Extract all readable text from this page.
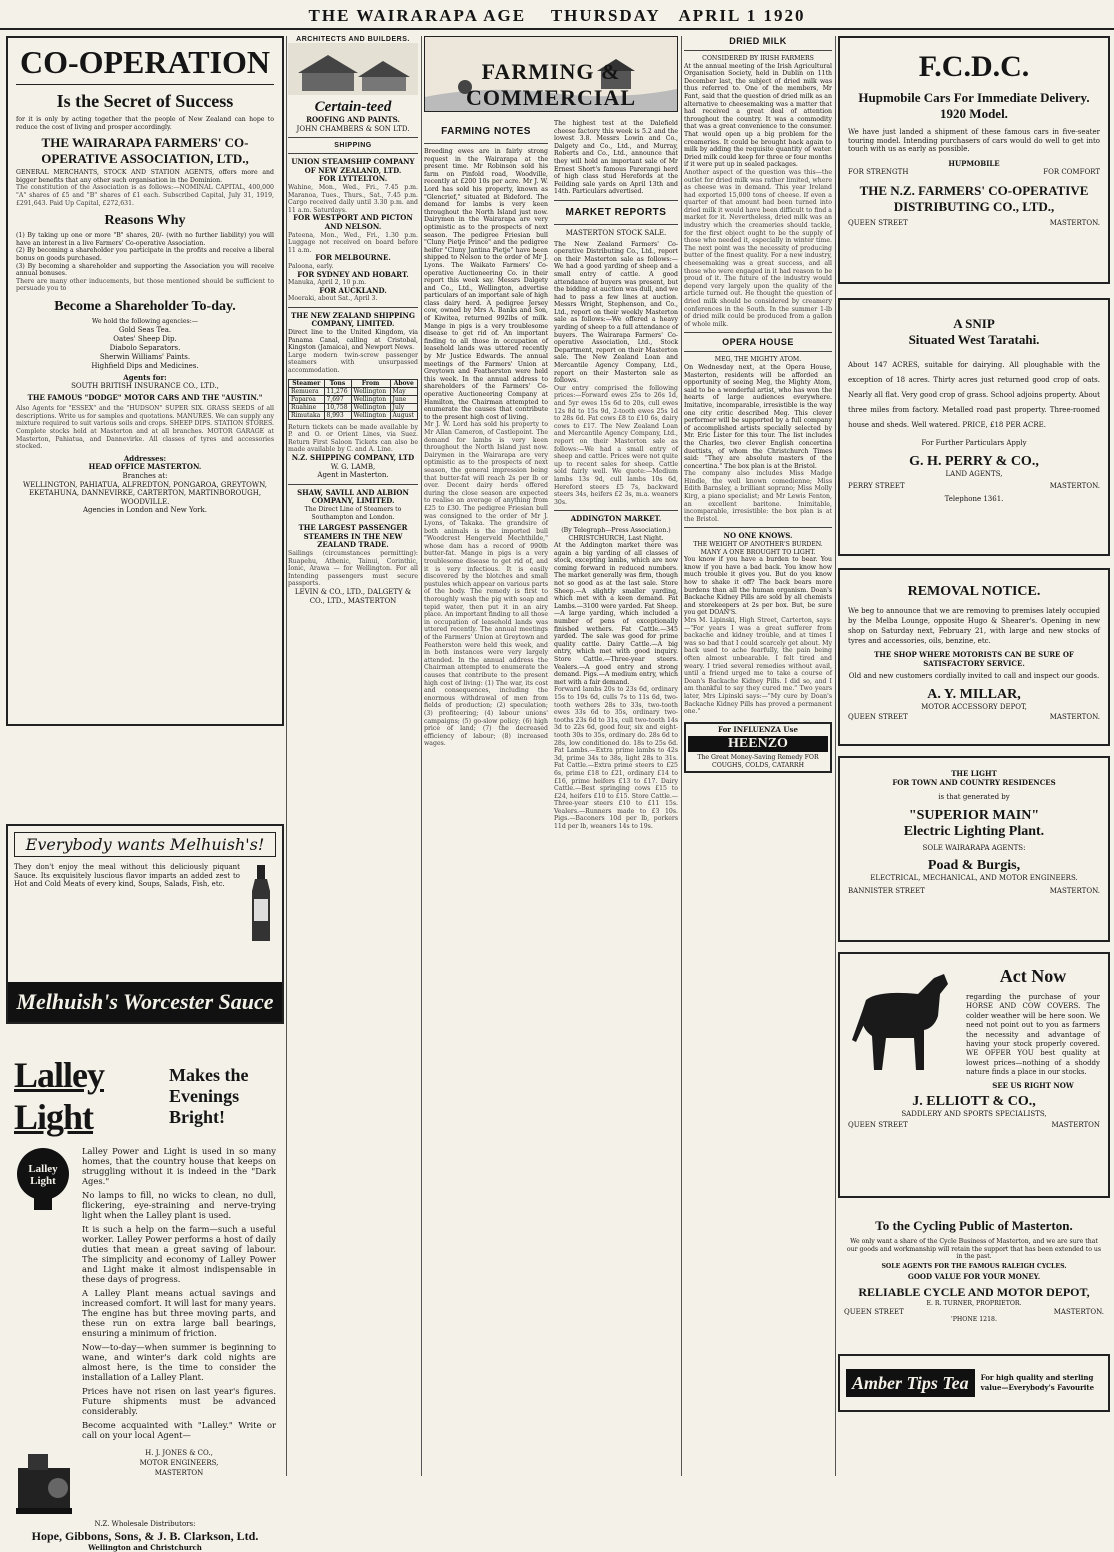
THE WAIRARAPA AGE THURSDAY APRIL 1 1920
CO-OPERATION
Is the Secret of Success
for it is only by acting together that the people of New Zealand can hope to reduce the cost of living and prosper accordingly.
THE WAIRARAPA FARMERS' CO-OPERATIVE ASSOCIATION, LTD.,
GENERAL MERCHANTS, STOCK AND STATION AGENTS, offers more and bigger benefits that any other such organisation in the Dominion.
The constitution of the Association is as follows:—NOMINAL CAPITAL, 400,000 "A" shares of £5 and "B" shares of £1 each. Subscribed Capital, July 31, 1919, £291,643. Paid Up Capital, £272,631.
Reasons Why
(1) By taking up one or more "B" shares, 20/- (with no further liability) you will have an interest in a live Farmers' Co-operative Association.
(2) By becoming a shareholder you participate in the profits and receive a liberal bonus on goods purchased.
(3) By becoming a shareholder and supporting the Association you will receive annual bonuses.
There are many other inducements, but those mentioned should be sufficient to persuade you to
Become a Shareholder To-day.
We hold the following agencies:—
Gold Seas Tea.
Oates' Sheep Dip.
Diabolo Separators.
Sherwin Williams' Paints.
Highfield Dips and Medicines.
Agents for:
SOUTH BRITISH INSURANCE CO., LTD.,
THE FAMOUS "DODGE" MOTOR CARS AND THE "AUSTIN."
Also Agents for "ESSEX" and the "HUDSON" SUPER SIX. GRASS SEEDS of all descriptions. Write us for samples and quotations. MANURES. We can supply any mixture required to suit various soils and crops. SHEEP DIPS. STATION STORES. Complete stocks held at Masterton and at all branches. MOTOR GARAGE at Masterton, Pahiatua, and Dannevirke. All classes of tyres and accessories stocked.
Addresses:
HEAD OFFICE MASTERTON.
Branches at:
WELLINGTON, PAHIATUA, ALFREDTON, PONGAROA, GREYTOWN, EKETAHUNA, DANNEVIRKE, CARTERTON, MARTINBOROUGH, WOODVILLE.
Agencies in London and New York.
Everybody wants Melhuish's!
They don't enjoy the meal without this deliciously piquant Sauce. Its exquisitely luscious flavor imparts an added zest to Hot and Cold Meats of every kind, Soups, Salads, Fish, etc.
Melhuish's Worcester Sauce
Lalley Light
Makes the
Evenings Bright!
Lalley
Light
Lalley Power and Light is used in so many homes, that the country house that keeps on struggling without it is indeed in the "Dark Ages."
No lamps to fill, no wicks to clean, no dull, flickering, eye-straining and nerve-trying light when the Lalley plant is used.
It is such a help on the farm—such a useful worker. Lalley Power performs a host of daily duties that mean a great saving of labour. The simplicity and economy of Lalley Power and Light make it almost indispensable in these days of progress.
A Lalley Plant means actual savings and increased comfort. It will last for many years. The engine has but three moving parts, and these run on extra large ball bearings, ensuring a minimum of friction.
Now—to-day—when summer is beginning to wane, and winter's dark cold nights are almost here, is the time to consider the installation of a Lalley Plant.
Prices have not risen on last year's figures. Future shipments must be advanced considerably.
Become acquainted with "Lalley." Write or call on your local Agent—
H. J. JONES & CO.,
MOTOR ENGINEERS,
MASTERTON
N.Z. Wholesale Distributors:
Hope, Gibbons, Sons, & J. B. Clarkson, Ltd.
Wellington and Christchurch
ARCHITECTS AND BUILDERS.
Certain-teed
ROOFING AND PAINTS.
JOHN CHAMBERS & SON LTD.
SHIPPING
UNION STEAMSHIP COMPANY OF NEW ZEALAND, LTD.
FOR LYTTELTON.
Wahine, Mon., Wed., Fri., 7.45 p.m. Maranoa, Tues., Thurs., Sat., 7.45 p.m. Cargo received daily until 3.30 p.m. and 11 a.m. Saturdays.
FOR WESTPORT AND PICTON AND NELSON.
Pateena, Mon., Wed., Fri., 1.30 p.m. Luggage not received on board before 11 a.m.
FOR MELBOURNE.
Paloona, early.
FOR SYDNEY AND HOBART.
Manuka, April 2, 10 p.m.
FOR AUCKLAND.
Moeraki, about Sat., April 3.
THE NEW ZEALAND SHIPPING COMPANY, LIMITED.
Direct line to the United Kingdom, via Panama Canal, calling at Cristobal, Kingston (Jamaica), and Newport News.
Large modern twin-screw passenger steamers with unsurpassed accommodation.
Steamer	Tons	From	Above
Remuera	11,276	Wellington	May
Paparoa	7,697	Wellington	June
Ruahine	10,758	Wellington	July
Rimutaka	8,993	Wellington	August
Return tickets can be made available by P. and O. or Orient Lines, via Suez. Return First Saloon Tickets can also be made available by C. and A. Line.
N.Z. SHIPPING COMPANY, LTD
W. G. LAMB,
Agent in Masterton.
SHAW, SAVILL AND ALBION COMPANY, LIMITED.
The Direct Line of Steamers to Southampton and London.
THE LARGEST PASSENGER STEAMERS IN THE NEW ZEALAND TRADE.
Sailings (circumstances permitting): Ruapehu, Athenic, Tainui, Corinthic, Ionic, Arawa — for Wellington. For all Intending passengers must secure passports.
LEVIN & CO., LTD., DALGETY & CO., LTD., MASTERTON
FARMING & COMMERCIAL
FARMING NOTES
Breeding ewes are in fairly strong request in the Wairarapa at the present time. Mr Robinson sold his farm on Pinfold road, Woodville, recently at £200 10s per acre. Mr J. W. Lord has sold his property, known as "Glencrief," situated at Bideford. The demand for lambs is very keen throughout the North Island just now. Dairymen in the Wairarapa are very optimistic as to the prospects of next season. The pedigree Friesian bull "Cluny Pietje Prince" and the pedigree heifer "Cluny Jantina Pietje" have been shipped to Nelson to the order of Mr J. Lyons. The Waikato Farmers' Co-operative Auctioneering Co. in their report this week say. Messrs Dalgety and Co., Ltd., Wellington, advertise particulars of an important sale of high class dairy herd. A pedigree Jersey cow, owned by Mrs A. Banks and Son, of Kiwitea, returned 992lbs of milk. Mange in pigs is a very troublesome disease to get rid of. An important finding to all those in occupation of leasehold lands was uttered recently by Mr Justice Edwards. The annual meetings of the Farmers' Union at Greytown and Featherston were held this week. In the annual address to shareholders of the Farmers' Co-operative Auctioneering Company at Hamilton, the Chairman attempted to enumerate the causes that contribute to the present high cost of living.
Mr J. W. Lord has sold his property to Mr Allan Cameron, of Castlepoint. The demand for lambs is very keen throughout the North Island just now. Dairymen in the Wairarapa are very optimistic as to the prospects of next season, the general impression being that butter-fat will reach 2s per lb or over. Decent dairy herds offered during the close season are expected to realise an average of anything from £25 to £30. The pedigree Friesian bull was consigned to the order of Mr J. Lyons, of Takaka. The grandsire of both animals is the imported bull "Woodcrest Hengerveld Mechthilde," whose dam has a record of 990lb butter-fat. Mange in pigs is a very troublesome disease to get rid of, and it is very infectious. It is easily discovered by the blotches and small pustules which appear on various parts of the body. The remedy is first to thoroughly wash the pig with soap and tepid water, then put it in an airy place. An important finding to all those in occupation of leasehold lands was uttered recently. The annual meetings of the Farmers' Union at Greytown and Featherston were held this week, and in both instances were very largely attended. In the annual address the Chairman attempted to enumerate the causes that contribute to the present high cost of living: (1) The war, its cost and consequences, including the enormous withdrawal of men from fields of production; (2) speculation; (3) profiteering; (4) labour unions' campaigns; (5) go-slow policy; (6) high price of land; (7) the decreased efficiency of labour; (8) increased wages.
The highest test at the Dalefield cheese factory this week is 5.2 and the lowest 3.8. Messrs Lowin and Co., Dalgety and Co., Ltd., and Murray, Roberts and Co., Ltd., announce that they will hold an important sale of Mr Ernest Short's famous Parerangi herd of high class stud Herefords at the Feilding sale yards on April 13th and 14th. Particulars advertised.
MARKET REPORTS
MASTERTON STOCK SALE.
The New Zealand Farmers' Co-operative Distributing Co., Ltd., report on their Masterton sale as follows:—We had a good yarding of sheep and a small entry of cattle. A good attendance of buyers was present, but the bidding at auction was dull, and we had to pass a few lines at auction. Messrs Wright, Stephenson, and Co., Ltd., report on their weekly Masterton sale as follows:—We offered a heavy yarding of sheep to a full attendance of buyers. The Wairarapa Farmers' Co-operative Association, Ltd., Stock Department, report on their Masterton sale. The New Zealand Loan and Mercantile Agency Company, Ltd., report on their Masterton sale as follows.
Our entry comprised the following prices:—Forward ewes 25s to 26s 1d, and 5yr ewes 15s 6d to 20s, cull ewes 12s 8d to 15s 9d, 2-tooth ewes 25s 1d to 28s 6d. Fat cows £8 to £10 6s, dairy cows to £17. The New Zealand Loan and Mercantile Agency Company, Ltd., report on their Masterton sale as follows:—We had a small entry of sheep and cattle. Prices were not quite up to recent sales for sheep. Cattle sold fairly well. We quote:—Medium lambs 13s 9d, cull lambs 10s 6d, Hereford steers £5 7s, backward steers 34s, heifers £2 3s, m.a. weaners 30s.
ADDINGTON MARKET.
(By Telegraph—Press Association.) CHRISTCHURCH, Last Night.
At the Addington market there was again a big yarding of all classes of stock, excepting lambs, which are now coming forward in reduced numbers. The market generally was firm, though not so good as at the last sale. Store Sheep.—A slightly smaller yarding, which met with a keen demand. Fat Lambs.—3100 were yarded. Fat Sheep.—A large yarding, which included a number of pens of exceptionally finished wethers. Fat Cattle.—345 yarded. The sale was good for prime quality cattle. Dairy Cattle.—A big entry, which met with good inquiry. Store Cattle.—Three-year steers. Vealers.—A good entry and strong demand. Pigs.—A medium entry, which met with a fair demand.
Forward lambs 20s to 23s 6d, ordinary 15s to 19s 6d, culls 7s to 11s 6d, two-tooth wethers 28s to 33s, two-tooth ewes 33s 6d to 35s, ordinary two-tooths 23s 6d to 31s, cull two-tooth 14s 3d to 22s 6d, good four, six and eight-tooth 30s to 35s, ordinary do. 28s 6d to 28s, low conditioned do. 18s to 25s 6d. Fat Lambs.—Extra prime lambs to 42s 3d, prime 34s to 38s, light 28s to 31s. Fat Cattle.—Extra prime steers to £25 6s, prime £18 to £21, ordinary £14 to £16, prime heifers £13 to £17. Dairy Cattle.—Best springing cows £15 to £24, heifers £10 to £15. Store Cattle.—Three-year steers £10 to £11 15s. Vealers.—Runners made to £3 10s. Pigs.—Baconers 10d per lb, porkers 11d per lb, weaners 14s to 19s.
DRIED MILK
CONSIDERED BY IRISH FARMERS
At the annual meeting of the Irish Agricultural Organisation Society, held in Dublin on 11th December last, the subject of dried milk was thus referred to. One of the members, Mr Fant, said that the question of dried milk as an alternative to cheesemaking was a matter that had received a great deal of attention throughout the country. It was a commodity that was a great convenience to the consumer. That would open up a big problem for the creameries. It could be brought back again to milk by adding the requisite quantity of water. Dried milk could keep for three or four months if it were put up in sealed packages.
Another aspect of the question was this—the outlet for dried milk was rather limited, where as cheese was in demand. This year Ireland had exported 15,000 tons of cheese. If even a quarter of that amount had been turned into dried milk it would have been difficult to find a market for it. Nevertheless, dried milk was an industry which the creameries should tackle, for the first object ought to be the supply of those who needed it, especially in winter time. The next point was the necessity of producing butter of the finest quality. For a new industry, cheesemaking was a great success, and all those who were engaged in it had reason to be proud of it. The future of the industry would depend very largely upon the quality of the article turned out. He thought the question of dried milk should be considered by creamery conferences in the South. In the summer 1-lb of dried milk could be produced from a gallon of whole milk.
OPERA HOUSE
MEG, THE MIGHTY ATOM.
On Wednesday next, at the Opera House, Masterton, residents will be afforded an opportunity of seeing Meg, the Mighty Atom, said to be a wonderful artist, who has won the hearts of large audiences everywhere. Imitative, incomparable, irresistible is the way one city critic described Meg. This clever performer will be supported by a full company of accomplished artists specially selected by Mr. Eric Lister for this tour. The list includes the Charles, two clever English concertina duettists, of whom the Christchurch Times said: "They are absolute masters of the concertina." The box plan is at the Bristol.
The company also includes Miss Madge Hindle, the well known comedienne; Miss Edith Barnsley, a brilliant soprano; Miss Molly Kirg, a piano specialist; and Mr Lewis Fenton, an excellent baritone. Inimitable, incomparable, irresistible: the box plan is at the Bristol.
NO ONE KNOWS.
THE WEIGHT OF ANOTHER'S BURDEN.
MANY A ONE BROUGHT TO LIGHT.
You know if you have a burden to bear. You know if you have a bad back. You know how much trouble it gives you. But do you know how to shake it off? The back bears more burdens than all the human organism. Doan's Backache Kidney Pills are sold by all chemists and storekeepers at 2s per box. But, be sure you get DOAN'S.
Mrs M. Lipinski, High Street, Carterton, says:—"For years I was a great sufferer from backache and kidney trouble, and at times I was so bad that I could scarcely get about. My back used to ache fearfully, the pain being often almost unbearable. I felt tired and weary. I tried several remedies without avail, until a friend urged me to take a course of Doan's Backache Kidney Pills. I did so, and I am thankful to say they cured me." Two years later, Mrs Lipinski says:—"My cure by Doan's Backache Kidney Pills has proved a permanent one."
For INFLUENZA Use
HEENZO
The Great Money-Saving Remedy FOR COUGHS, COLDS, CATARRH
F.C.D.C.
Hupmobile Cars For Immediate Delivery.
1920 Model.
We have just landed a shipment of these famous cars in five-seater touring model. Intending purchasers of cars would do well to get into touch with us as early as possible.
HUPMOBILE
FOR STRENGTH	FOR COMFORT
THE N.Z. FARMERS' CO-OPERATIVE DISTRIBUTING CO., LTD.,
QUEEN STREET	MASTERTON.
A SNIP
Situated West Taratahi.
About 147 ACRES, suitable for dairying. All ploughable with the exception of 18 acres. Thirty acres just returned good crop of oats. Nearly all flat. Very good crop of grass. School adjoins property. About three miles from factory. Metalled road past property. Three-roomed house and sheds. Well watered. PRICE, £18 PER ACRE.
For Further Particulars Apply
G. H. PERRY & CO.,
LAND AGENTS,
PERRY STREET	MASTERTON.
Telephone 1361.
REMOVAL NOTICE.
We beg to announce that we are removing to premises lately occupied by the Melba Lounge, opposite Hugo & Shearer's. Opening in new shop on Saturday next, February 21, with large and new stocks of tyres and accessories, oils, benzine, etc.
THE SHOP WHERE MOTORISTS CAN BE SURE OF SATISFACTORY SERVICE.
Old and new customers cordially invited to call and inspect our goods.
A. Y. MILLAR,
MOTOR ACCESSORY DEPOT,
QUEEN STREET	MASTERTON.
THE LIGHT
FOR TOWN AND COUNTRY RESIDENCES
is that generated by
"SUPERIOR MAIN"
Electric Lighting Plant.
SOLE WAIRARAPA AGENTS:
Poad & Burgis,
ELECTRICAL, MECHANICAL, AND MOTOR ENGINEERS.
BANNISTER STREET	MASTERTON.
Act Now
regarding the purchase of your HORSE AND COW COVERS. The colder weather will be here soon. We need not point out to you as farmers the necessity and advantage of having your stock properly covered. WE OFFER YOU best quality at lowest prices—nothing of a shoddy nature finds a place in our stocks.
SEE US RIGHT NOW
J. ELLIOTT & CO.,
SADDLERY AND SPORTS SPECIALISTS,
QUEEN STREET	MASTERTON
To the Cycling Public of Masterton.
We only want a share of the Cycle Business of Masterton, and we are sure that our goods and workmanship will retain the support that has been extended to us in the past.
SOLE AGENTS FOR THE FAMOUS RALEIGH CYCLES.
GOOD VALUE FOR YOUR MONEY.
RELIABLE CYCLE AND MOTOR DEPOT,
E. R. TURNER, PROPRIETOR.
QUEEN STREET	MASTERTON.
'PHONE 1218.
Amber Tips Tea	For high quality and sterling value—Everybody's Favourite
